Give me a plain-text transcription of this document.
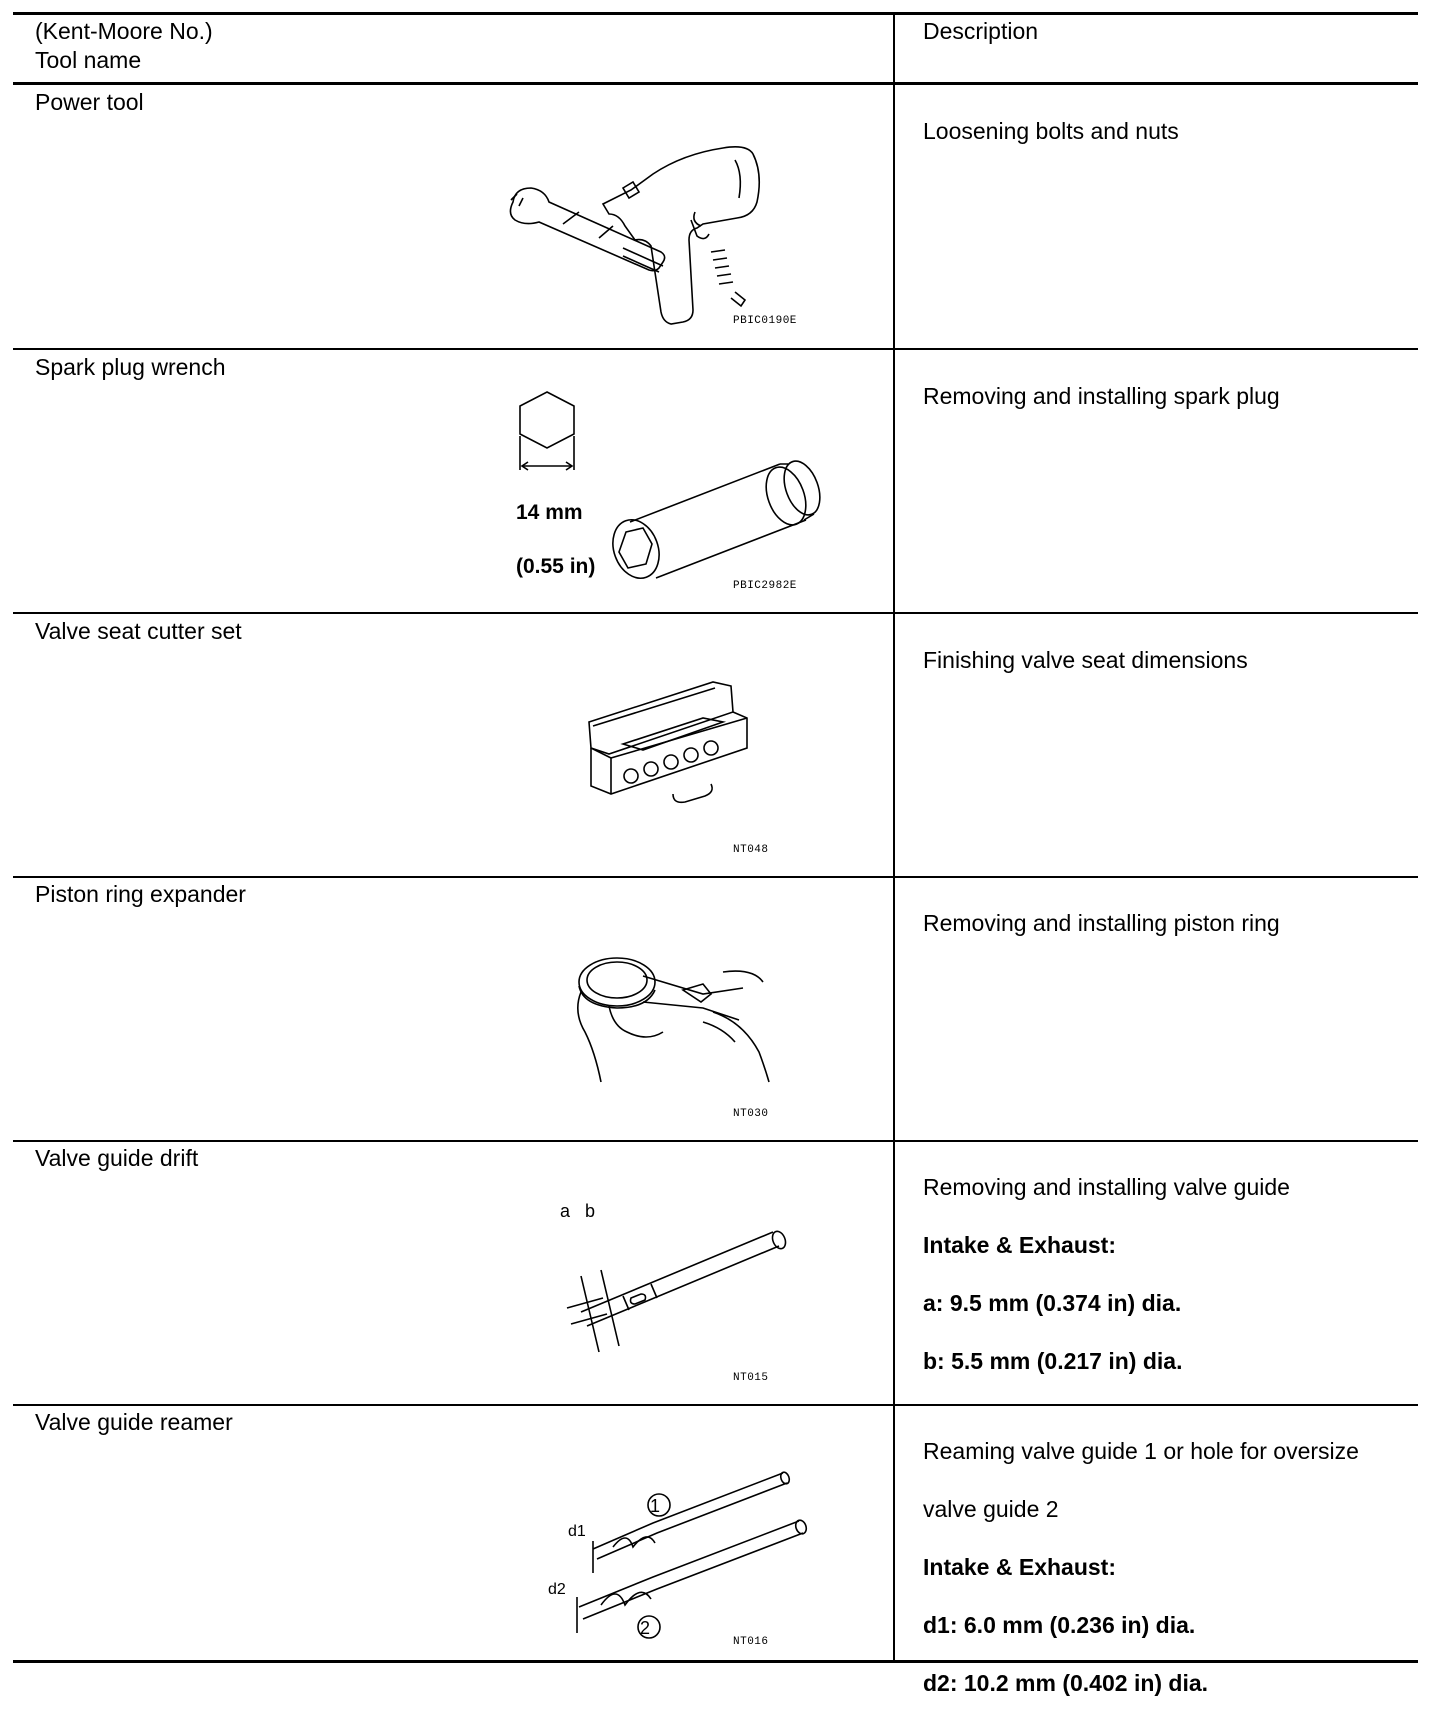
(Kent-Moore No.)
Tool name
Description
Power tool

Loosening bolts and nuts

PBIC0190E
Spark plug wrench

Removing and installing spark plug

14 mm

(0.55 in)

PBIC2982E
Valve seat cutter set

Finishing valve seat dimensions

NT048
Piston ring expander

Removing and installing piston ring

NT030
Valve guide drift

Removing and installing valve guide

Intake & Exhaust:

a: 9.5 mm (0.374 in) dia.

b: 5.5 mm (0.217 in) dia.

a b
NT015
Valve guide reamer

Reaming valve guide 1 or hole for oversize

valve guide 2

Intake & Exhaust:

d1: 6.0 mm (0.236 in) dia.

d2: 10.2 mm (0.402 in) dia.

1
2
d1
d2
NT016
